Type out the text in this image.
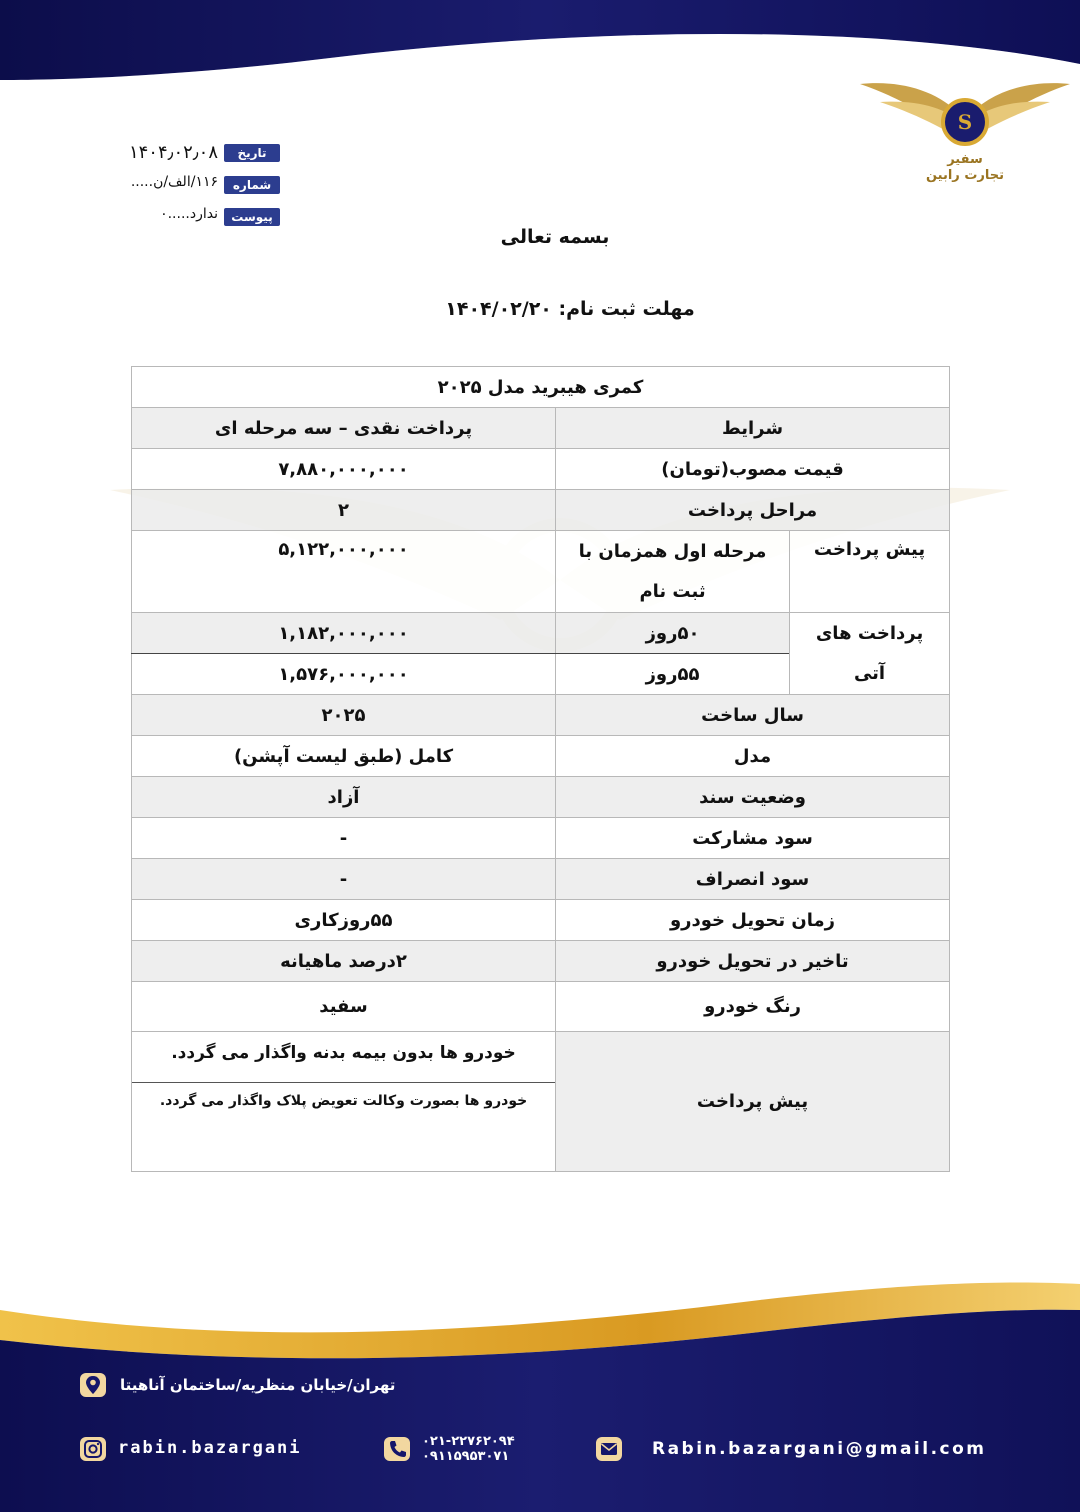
S
سفیر
تجارت رابین
تاریخ
۱۴۰۴٫۰۲٫۰۸
شماره
۱۱۶/الف/ن.....
پیوست
ندارد.....۰
بسمه تعالی
مهلت ثبت نام: ۱۴۰۴/۰۲/۲۰
کمری هیبرید مدل ۲۰۲۵		
شرایط		پرداخت نقدی – سه مرحله ای
قیمت مصوب(تومان)		۷,۸۸۰,۰۰۰,۰۰۰
مراحل پرداخت		۲
پیش پرداخت	مرحله اول همزمان با ثبت نام	۵,۱۲۲,۰۰۰,۰۰۰
پرداخت های آتی	۵۰روز	۱,۱۸۲,۰۰۰,۰۰۰
	۵۵روز	۱,۵۷۶,۰۰۰,۰۰۰
سال ساخت		۲۰۲۵
مدل		کامل (طبق لیست آپشن)
وضعیت سند		آزاد
سود مشارکت		-
سود انصراف		-
زمان تحویل خودرو		۵۵روزکاری
تاخیر در تحویل خودرو		۲درصد ماهیانه
رنگ خودرو		سفید
پیش پرداخت		خودرو ها بدون بیمه بدنه واگذار می گردد.
خودرو ها بصورت وکالت تعویض پلاک واگذار می گردد.
تهران/خیابان منظریه/ساختمان آناهیتا
rabin.bazargani	۰۲۱-۲۲۷۶۲۰۹۴
۰۹۱۱۵۹۵۳۰۷۱	Rabin.bazargani@gmail.com
